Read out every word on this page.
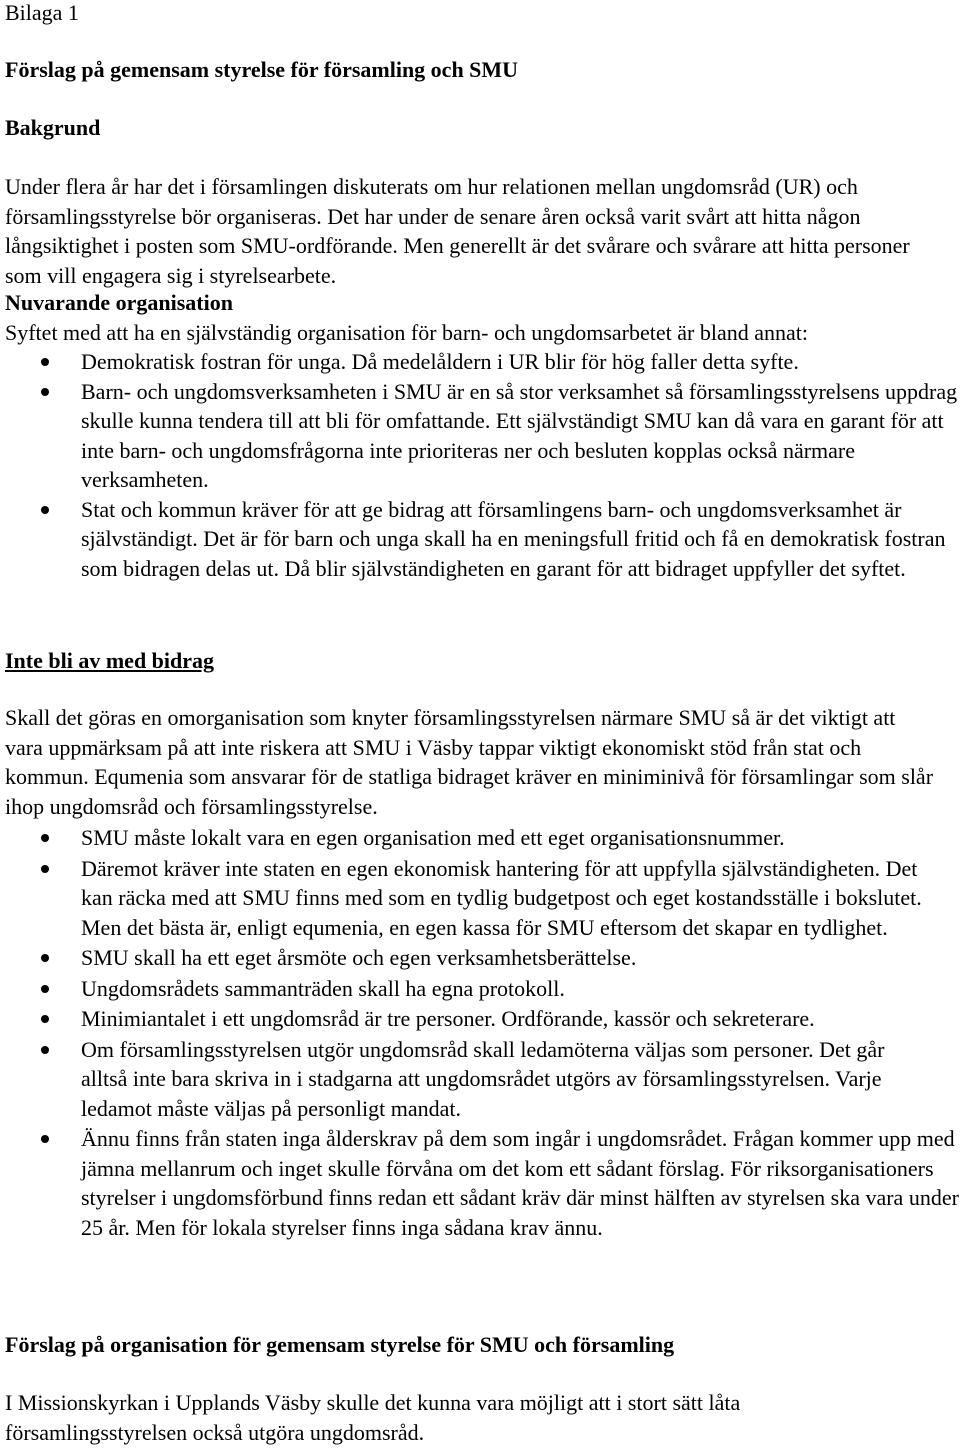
Bilaga 1

Förslag på gemensam styrelse för församling och SMU

Bakgrund

Under flera år har det i församlingen diskuterats om hur relationen mellan ungdomsråd (UR) och församlingsstyrelse bör organiseras. Det har under de senare åren också varit svårt att hitta någon långsiktighet i posten som SMU-ordförande. Men generellt är det svårare och svårare att hitta personer som vill engagera sig i styrelsearbete.

Nuvarande organisation

Syftet med att ha en självständig organisation för barn- och ungdomsarbetet är bland annat:

Demokratisk fostran för unga. Då medelåldern i UR blir för hög faller detta syfte.
Barn- och ungdomsverksamheten i SMU är en så stor verksamhet så församlingsstyrelsens uppdrag skulle kunna tendera till att bli för omfattande. Ett självständigt SMU kan då vara en garant för att inte barn- och ungdomsfrågorna inte prioriteras ner och besluten kopplas också närmare verksamheten.
Stat och kommun kräver för att ge bidrag att församlingens barn- och ungdomsverksamhet är självständigt. Det är för barn och unga skall ha en meningsfull fritid och få en demokratisk fostran som bidragen delas ut. Då blir självständigheten en garant för att bidraget uppfyller det syftet.

Inte bli av med bidrag

Skall det göras en omorganisation som knyter församlingsstyrelsen närmare SMU så är det viktigt att vara uppmärksam på att inte riskera att SMU i Väsby tappar viktigt ekonomiskt stöd från stat och kommun. Equmenia som ansvarar för de statliga bidraget kräver en miniminivå för församlingar som slår ihop ungdomsråd och församlingsstyrelse.

SMU måste lokalt vara en egen organisation med ett eget organisationsnummer.
Däremot kräver inte staten en egen ekonomisk hantering för att uppfylla självständigheten. Det kan räcka med att SMU finns med som en tydlig budgetpost och eget kostandsställe i bokslutet. Men det bästa är, enligt equmenia, en egen kassa för SMU eftersom det skapar en tydlighet.
SMU skall ha ett eget årsmöte och egen verksamhetsberättelse.
Ungdomsrådets sammanträden skall ha egna protokoll.
Minimiantalet i ett ungdomsråd är tre personer. Ordförande, kassör och sekreterare.
Om församlingsstyrelsen utgör ungdomsråd skall ledamöterna väljas som personer. Det går alltså inte bara skriva in i stadgarna att ungdomsrådet utgörs av församlingsstyrelsen. Varje ledamot måste väljas på personligt mandat.
Ännu finns från staten inga ålderskrav på dem som ingår i ungdomsrådet. Frågan kommer upp med jämna mellanrum och inget skulle förvåna om det kom ett sådant förslag. För riksorganisationers styrelser i ungdomsförbund finns redan ett sådant kräv där minst hälften av styrelsen ska vara under 25 år. Men för lokala styrelser finns inga sådana krav ännu.

Förslag på organisation för gemensam styrelse för SMU och församling

I Missionskyrkan i Upplands Väsby skulle det kunna vara möjligt att i stort sätt låta församlingsstyrelsen också utgöra ungdomsråd.
